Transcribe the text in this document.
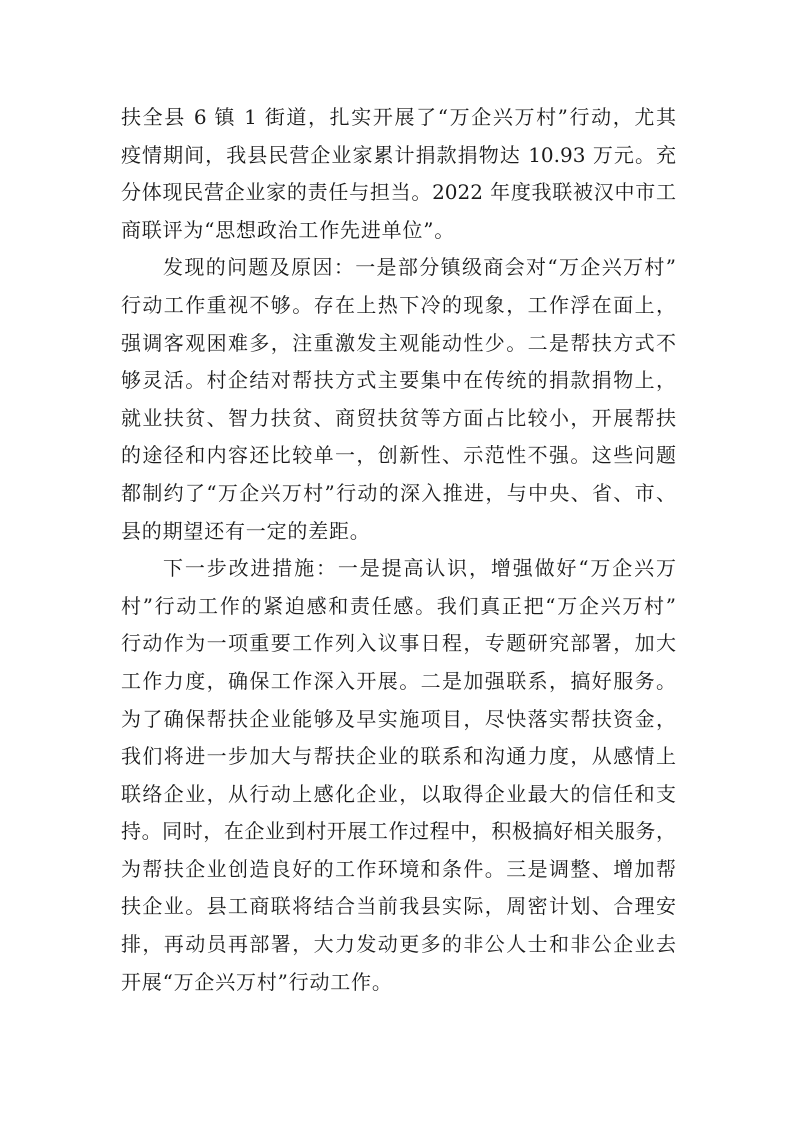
扶全县 6 镇 1 街道，扎实开展了“万企兴万村”行动，尤其
疫情期间，我县民营企业家累计捐款捐物达 10.93 万元。充
分体现民营企业家的责任与担当。2022 年度我联被汉中市工
商联评为“思想政治工作先进单位”。
发现的问题及原因：一是部分镇级商会对“万企兴万村”
行动工作重视不够。存在上热下冷的现象，工作浮在面上，
强调客观困难多，注重激发主观能动性少。二是帮扶方式不
够灵活。村企结对帮扶方式主要集中在传统的捐款捐物上，
就业扶贫、智力扶贫、商贸扶贫等方面占比较小，开展帮扶
的途径和内容还比较单一，创新性、示范性不强。这些问题
都制约了“万企兴万村”行动的深入推进，与中央、省、市、
县的期望还有一定的差距。
下一步改进措施：一是提高认识，增强做好“万企兴万
村”行动工作的紧迫感和责任感。我们真正把“万企兴万村”
行动作为一项重要工作列入议事日程，专题研究部署，加大
工作力度，确保工作深入开展。二是加强联系，搞好服务。
为了确保帮扶企业能够及早实施项目，尽快落实帮扶资金，
我们将进一步加大与帮扶企业的联系和沟通力度，从感情上
联络企业，从行动上感化企业，以取得企业最大的信任和支
持。同时，在企业到村开展工作过程中，积极搞好相关服务，
为帮扶企业创造良好的工作环境和条件。三是调整、增加帮
扶企业。县工商联将结合当前我县实际，周密计划、合理安
排，再动员再部署，大力发动更多的非公人士和非公企业去
开展“万企兴万村”行动工作。
